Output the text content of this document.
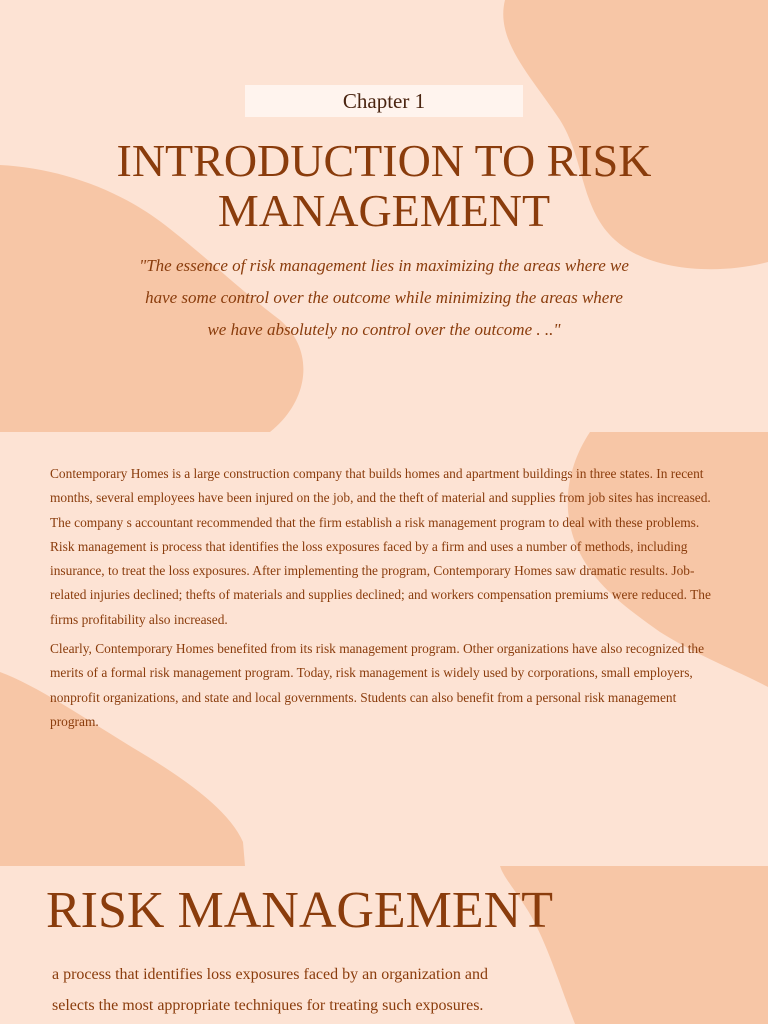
Chapter 1
INTRODUCTION TO RISK
MANAGEMENT
"The essence of risk management lies in maximizing the areas where we
have some control over the outcome while minimizing the areas where
we have absolutely no control over the outcome . .."

Contemporary Homes is a large construction company that builds homes and apartment buildings in three states. In recent months, several employees have been injured on the job, and the theft of material and supplies from job sites has increased. The company s accountant recommended that the firm establish a risk management program to deal with these problems. Risk management is process that identifies the loss exposures faced by a firm and uses a number of methods, including insurance, to treat the loss exposures. After implementing the program, Contemporary Homes saw dramatic results. Job-related injuries declined; thefts of materials and supplies declined; and workers compensation premiums were reduced. The firms profitability also increased.

Clearly, Contemporary Homes benefited from its risk management program. Other organizations have also recognized the merits of a formal risk management program. Today, risk management is widely used by corporations, small employers, nonprofit organizations, and state and local governments. Students can also benefit from a personal risk management program.

RISK MANAGEMENT
a process that identifies loss exposures faced by an organization and
selects the most appropriate techniques for treating such exposures.
